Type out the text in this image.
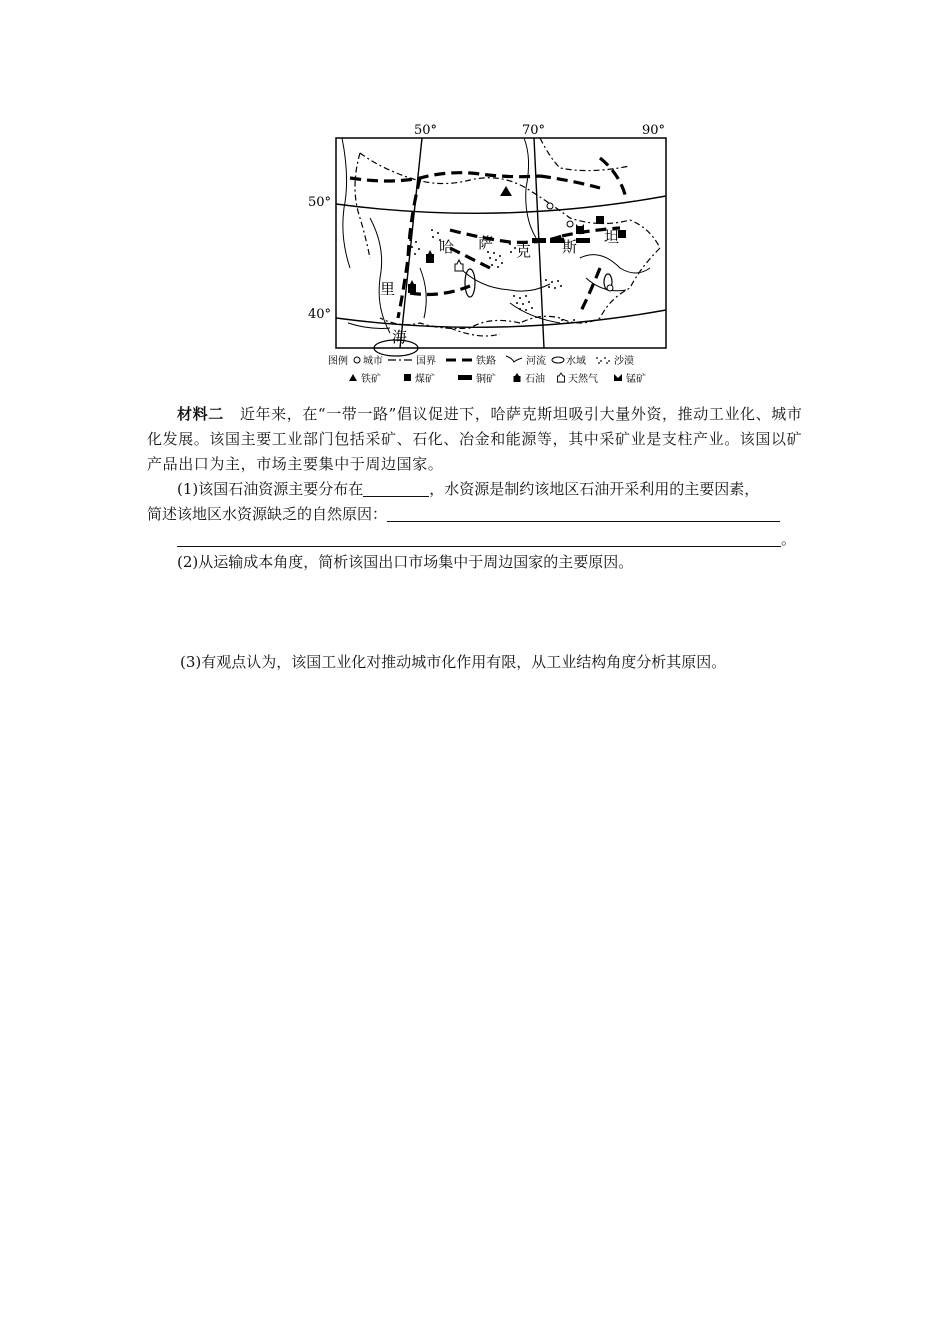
50°	70°	90°
50°
40°
哈 萨 克 斯
坦
里
海
图例 城市	国界	铁路	河流 水域	沙漠
铁矿	煤矿	铜矿	石油 天然气	锰矿

材料二 近年来，在“一带一路”倡议促进下，哈萨克斯坦吸引大量外资，推动工业化、城市化发展。该国主要工业部门包括采矿、石化、冶金和能源等，其中采矿业是支柱产业。该国以矿产品出口为主，市场主要集中于周边国家。

(1)该国石油资源主要分布在	，水资源是制约该地区石油开采利用的主要因素，

简述该地区水资源缺乏的自然原因：

。

(2)从运输成本角度，简析该国出口市场集中于周边国家的主要原因。

(3)有观点认为，该国工业化对推动城市化作用有限，从工业结构角度分析其原因。
